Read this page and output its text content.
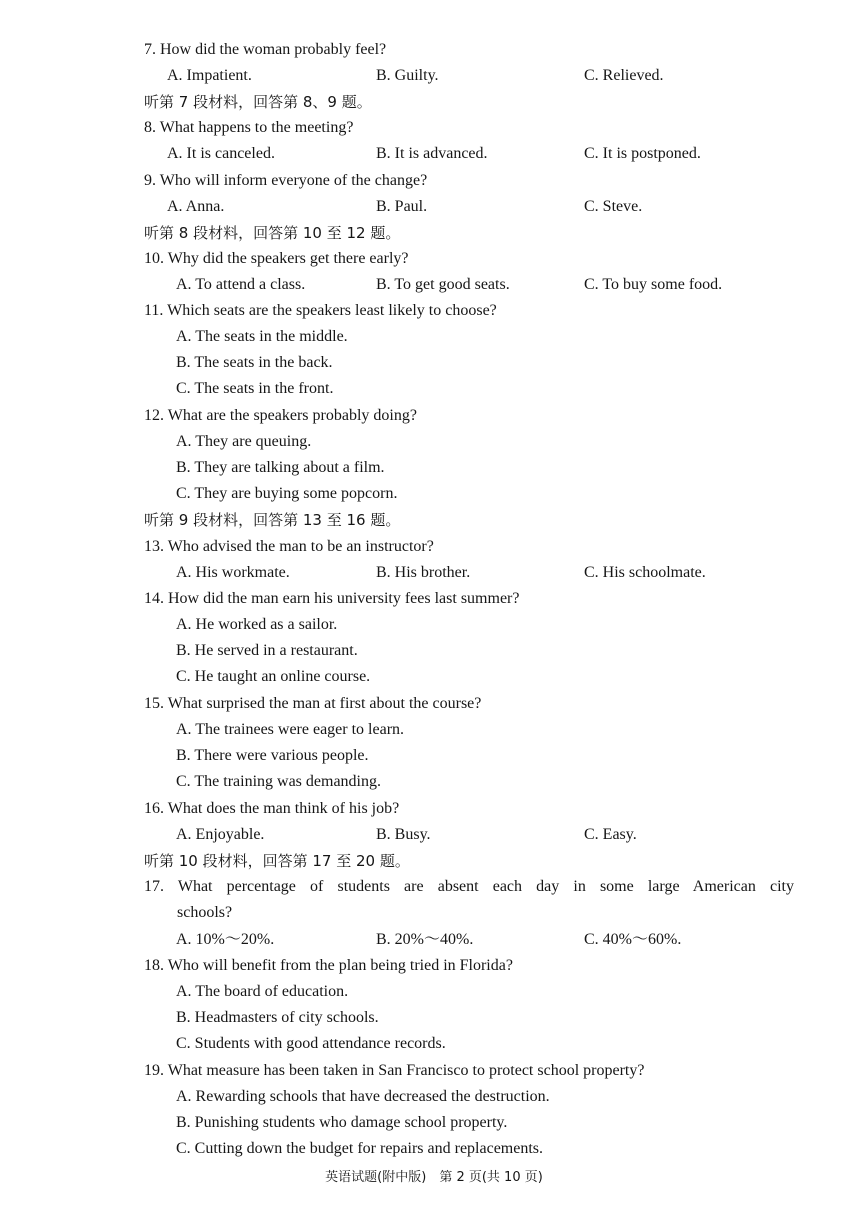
7. How did the woman probably feel?
A. Impatient.	B. Guilty.	C. Relieved.
听第 7 段材料，回答第 8、9 题。
8. What happens to the meeting?
A. It is canceled.	B. It is advanced.	C. It is postponed.
9. Who will inform everyone of the change?
A. Anna.	B. Paul.	C. Steve.
听第 8 段材料，回答第 10 至 12 题。
10. Why did the speakers get there early?
A. To attend a class.	B. To get good seats.	C. To buy some food.
11. Which seats are the speakers least likely to choose?
A. The seats in the middle.
B. The seats in the back.
C. The seats in the front.
12. What are the speakers probably doing?
A. They are queuing.
B. They are talking about a film.
C. They are buying some popcorn.
听第 9 段材料，回答第 13 至 16 题。
13. Who advised the man to be an instructor?
A. His workmate.	B. His brother.	C. His schoolmate.
14. How did the man earn his university fees last summer?
A. He worked as a sailor.
B. He served in a restaurant.
C. He taught an online course.
15. What surprised the man at first about the course?
A. The trainees were eager to learn.
B. There were various people.
C. The training was demanding.
16. What does the man think of his job?
A. Enjoyable.	B. Busy.	C. Easy.
听第 10 段材料，回答第 17 至 20 题。
17. What percentage of students are absent each day in some large American city
schools?
A. 10%～20%.	B. 20%～40%.	C. 40%～60%.
18. Who will benefit from the plan being tried in Florida?
A. The board of education.
B. Headmasters of city schools.
C. Students with good attendance records.
19. What measure has been taken in San Francisco to protect school property?
A. Rewarding schools that have decreased the destruction.
B. Punishing students who damage school property.
C. Cutting down the budget for repairs and replacements.
英语试题(附中版)　第 2 页(共 10 页)
